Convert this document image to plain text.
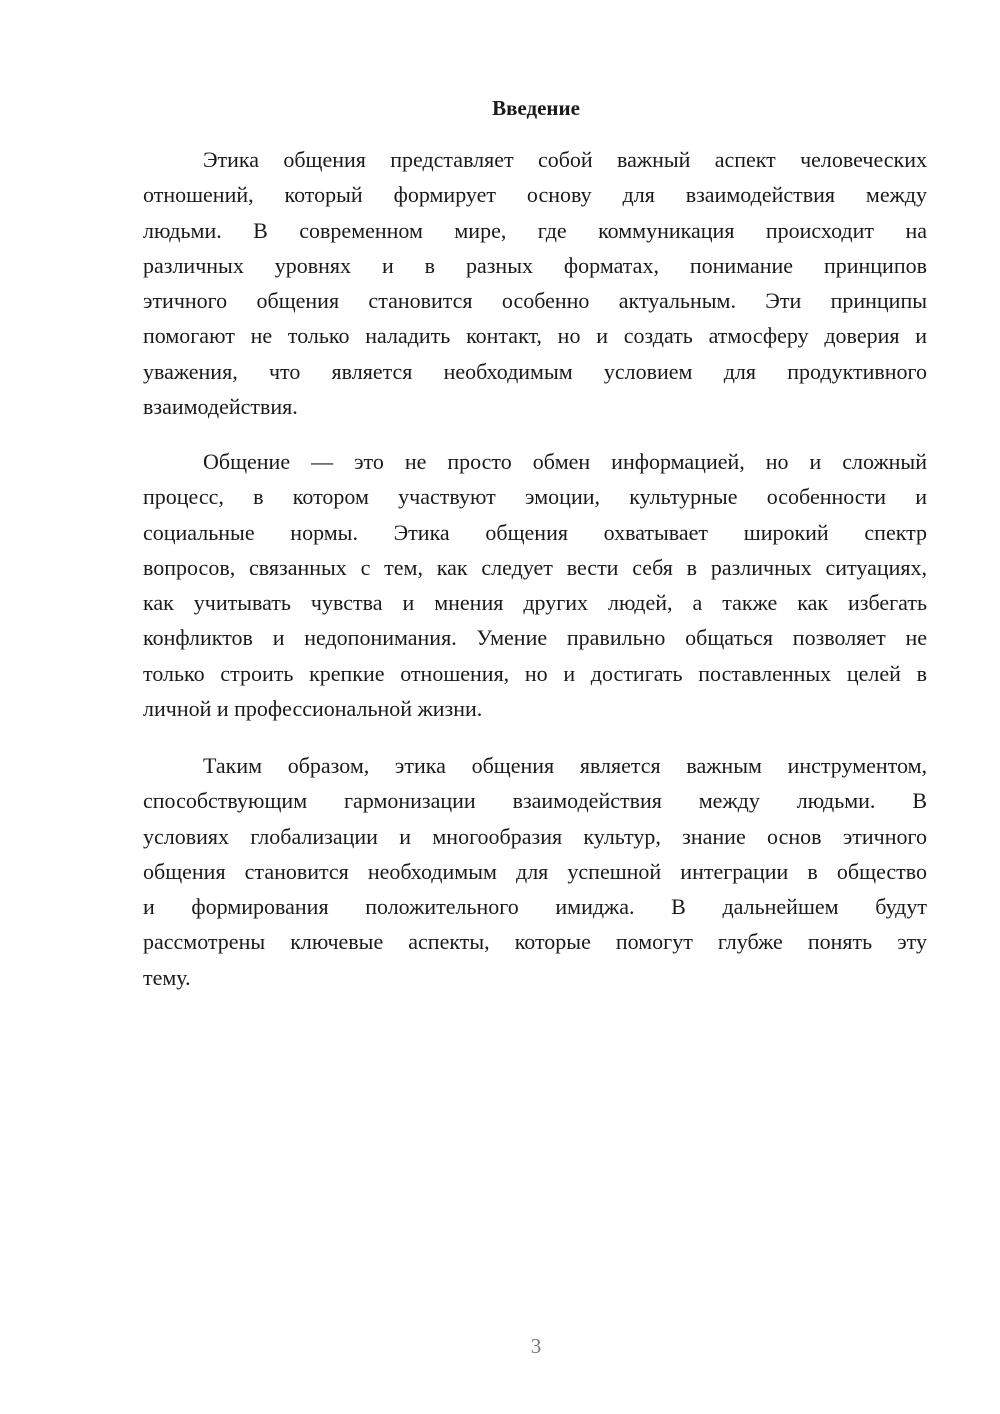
Введение
Этика общения представляет собой важный аспект человеческих
отношений, который формирует основу для взаимодействия между
людьми. В современном мире, где коммуникация происходит на
различных уровнях и в разных форматах, понимание принципов
этичного общения становится особенно актуальным. Эти принципы
помогают не только наладить контакт, но и создать атмосферу доверия и
уважения, что является необходимым условием для продуктивного
взаимодействия.
Общение — это не просто обмен информацией, но и сложный
процесс, в котором участвуют эмоции, культурные особенности и
социальные нормы. Этика общения охватывает широкий спектр
вопросов, связанных с тем, как следует вести себя в различных ситуациях,
как учитывать чувства и мнения других людей, а также как избегать
конфликтов и недопонимания. Умение правильно общаться позволяет не
только строить крепкие отношения, но и достигать поставленных целей в
личной и профессиональной жизни.
Таким образом, этика общения является важным инструментом,
способствующим гармонизации взаимодействия между людьми. В
условиях глобализации и многообразия культур, знание основ этичного
общения становится необходимым для успешной интеграции в общество
и формирования положительного имиджа. В дальнейшем будут
рассмотрены ключевые аспекты, которые помогут глубже понять эту
тему.
3
